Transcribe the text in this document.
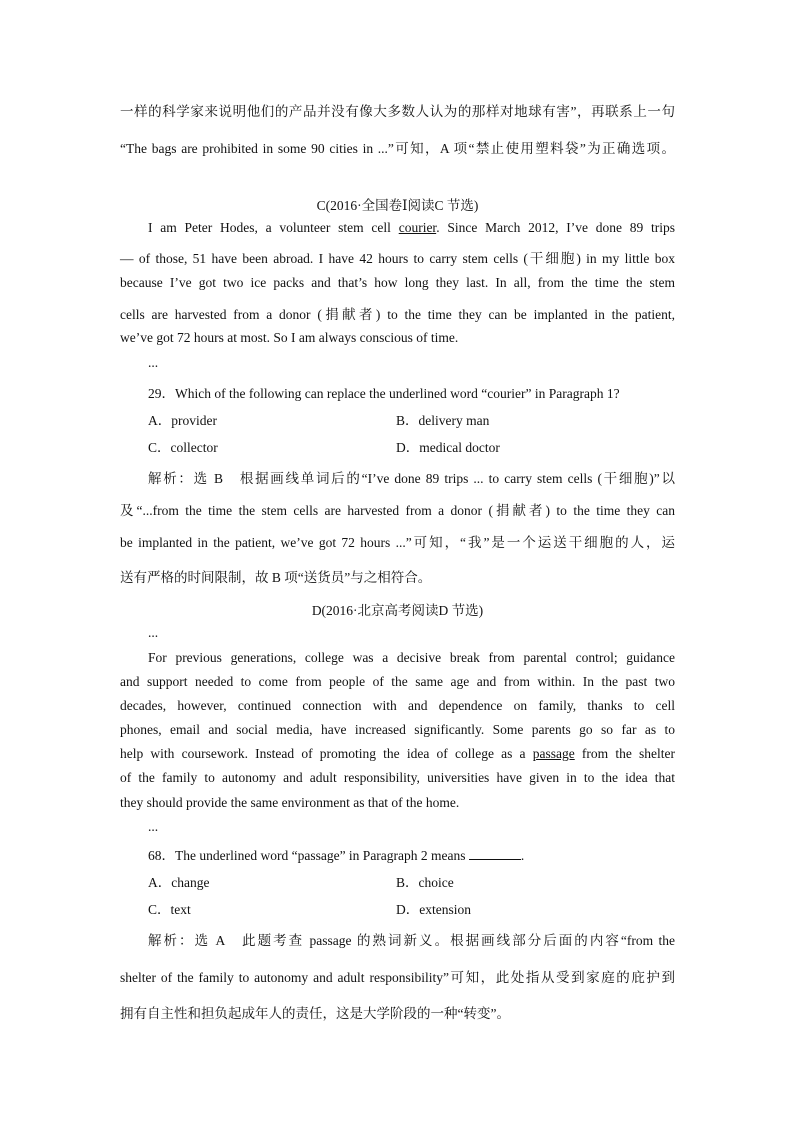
一样的科学家来说明他们的产品并没有像大多数人认为的那样对地球有害”，再联系上一句
“The bags are prohibited in some 90 cities in ...”可知，A 项“禁止使用塑料袋”为正确选项。
C(2016·全国卷Ⅰ阅读C 节选)
I am Peter Hodes, a volunteer stem cell courier. Since March 2012, I’ve done 89 trips
— of those, 51 have been abroad. I have 42 hours to carry stem cells (干细胞) in my little box
because I’ve got two ice packs and that’s how long they last. In all, from the time the stem
cells are harvested from a donor (捐献者) to the time they can be implanted in the patient,
we’ve got 72 hours at most. So I am always conscious of time.
...
29．Which of the following can replace the underlined word “courier” in Paragraph 1?
A．provider	B．delivery man
C．collector	D．medical doctor
解析：选 B　根据画线单词后的“I’ve done 89 trips ... to carry stem cells (干细胞)”以
及“...from the time the stem cells are harvested from a donor (捐献者) to the time they can
be implanted in the patient, we’ve got 72 hours ...”可知，“我”是一个运送干细胞的人，运
送有严格的时间限制，故 B 项“送货员”与之相符合。
D(2016·北京高考阅读D 节选)
...
For previous generations, college was a decisive break from parental control; guidance
and support needed to come from people of the same age and from within. In the past two
decades, however, continued connection with and dependence on family, thanks to cell
phones, email and social media, have increased significantly. Some parents go so far as to
help with coursework. Instead of promoting the idea of college as a passage from the shelter
of the family to autonomy and adult responsibility, universities have given in to the idea that
they should provide the same environment as that of the home.
...
68．The underlined word “passage” in Paragraph 2 means	.
A．change	B．choice
C．text	D．extension
解析：选 A　此题考查 passage 的熟词新义。根据画线部分后面的内容“from the
shelter of the family to autonomy and adult responsibility”可知，此处指从受到家庭的庇护到
拥有自主性和担负起成年人的责任，这是大学阶段的一种“转变”。
